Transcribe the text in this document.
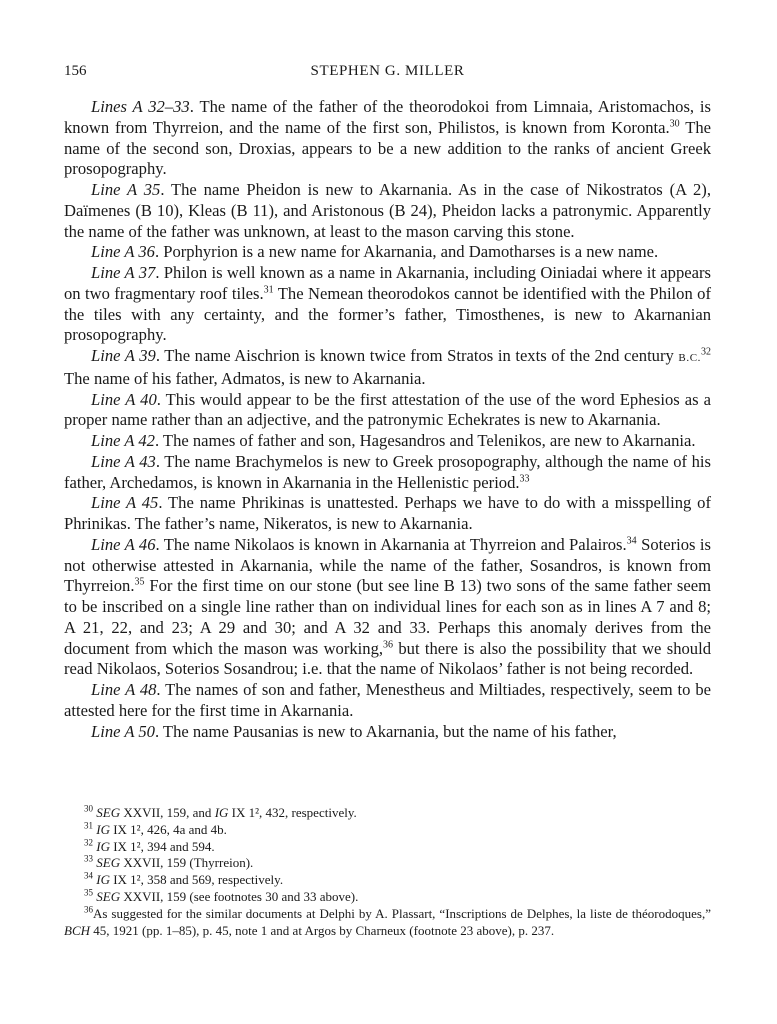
156	STEPHEN G. MILLER

Lines A 32–33. The name of the father of the theorodokoi from Limnaia, Aristomachos, is known from Thyrreion, and the name of the first son, Philistos, is known from Koronta.$^{30}$ The name of the second son, Droxias, appears to be a new addition to the ranks of ancient Greek prosopography.

Line A 35. The name Pheidon is new to Akarnania. As in the case of Nikostratos (A 2), Daïmenes (B 10), Kleas (B 11), and Aristonous (B 24), Pheidon lacks a patronymic. Apparently the name of the father was unknown, at least to the mason carving this stone.

Line A 36. Porphyrion is a new name for Akarnania, and Damotharses is a new name.

Line A 37. Philon is well known as a name in Akarnania, including Oiniadai where it appears on two fragmentary roof tiles.$^{31}$ The Nemean theorodokos cannot be identified with the Philon of the tiles with any certainty, and the former’s father, Timosthenes, is new to Akarnanian prosopography.

Line A 39. The name Aischrion is known twice from Stratos in texts of the 2nd century B.C.$^{32}$ The name of his father, Admatos, is new to Akarnania.

Line A 40. This would appear to be the first attestation of the use of the word Ephesios as a proper name rather than an adjective, and the patronymic Echekrates is new to Akarnania.

Line A 42. The names of father and son, Hagesandros and Telenikos, are new to Akarnania.

Line A 43. The name Brachymelos is new to Greek prosopography, although the name of his father, Archedamos, is known in Akarnania in the Hellenistic period.$^{33}$

Line A 45. The name Phrikinas is unattested. Perhaps we have to do with a misspelling of Phrinikas. The father’s name, Nikeratos, is new to Akarnania.

Line A 46. The name Nikolaos is known in Akarnania at Thyrreion and Palairos.$^{34}$ Soterios is not otherwise attested in Akarnania, while the name of the father, Sosandros, is known from Thyrreion.$^{35}$ For the first time on our stone (but see line B 13) two sons of the same father seem to be inscribed on a single line rather than on individual lines for each son as in lines A 7 and 8; A 21, 22, and 23; A 29 and 30; and A 32 and 33. Perhaps this anomaly derives from the document from which the mason was working,$^{36}$ but there is also the possibility that we should read Nikolaos, Soterios Sosandrou; i.e. that the name of Nikolaos’ father is not being recorded.

Line A 48. The names of son and father, Menestheus and Miltiades, respectively, seem to be attested here for the first time in Akarnania.

Line A 50. The name Pausanias is new to Akarnania, but the name of his father,

$^{30}$ SEG XXVII, 159, and IG IX 1², 432, respectively.

$^{31}$ IG IX 1², 426, 4a and 4b.

$^{32}$ IG IX 1², 394 and 594.

$^{33}$ SEG XXVII, 159 (Thyrreion).

$^{34}$ IG IX 1², 358 and 569, respectively.

$^{35}$ SEG XXVII, 159 (see footnotes 30 and 33 above).

$^{36}$As suggested for the similar documents at Delphi by A. Plassart, “Inscriptions de Delphes, la liste de théorodoques,” BCH 45, 1921 (pp. 1–85), p. 45, note 1 and at Argos by Charneux (footnote 23 above), p. 237.
